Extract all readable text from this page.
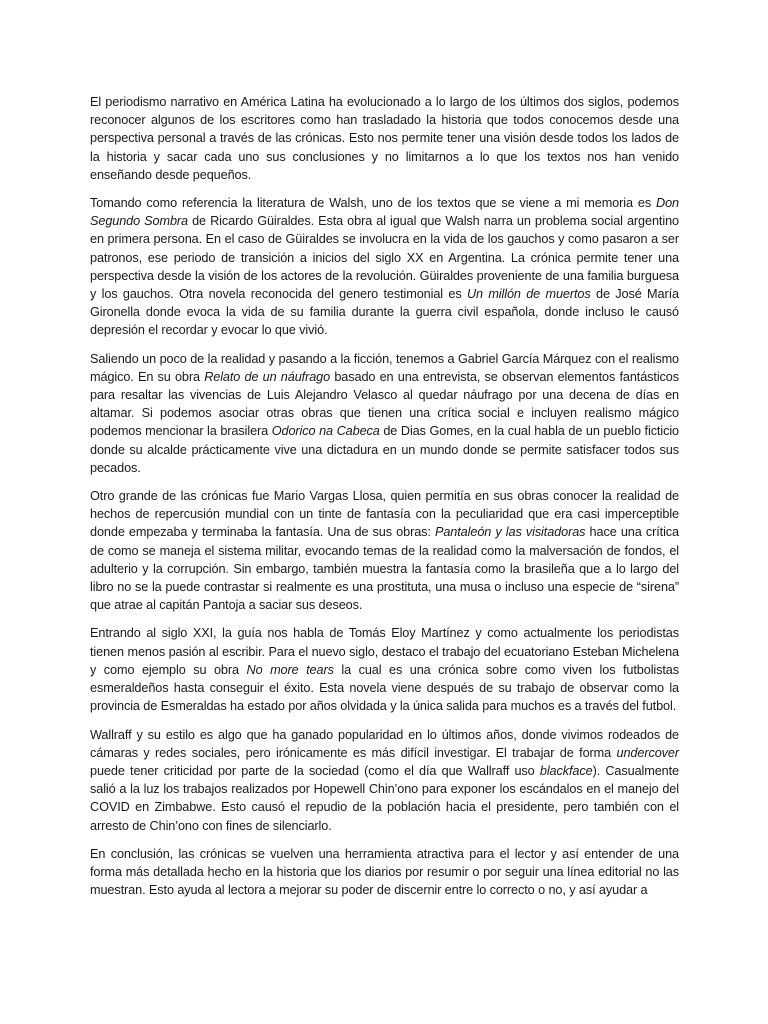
El periodismo narrativo en América Latina ha evolucionado a lo largo de los últimos dos siglos, podemos reconocer algunos de los escritores como han trasladado la historia que todos conocemos desde una perspectiva personal a través de las crónicas. Esto nos permite tener una visión desde todos los lados de la historia y sacar cada uno sus conclusiones y no limitarnos a lo que los textos nos han venido enseñando desde pequeños.

Tomando como referencia la literatura de Walsh, uno de los textos que se viene a mi memoria es Don Segundo Sombra de Ricardo Güiraldes. Esta obra al igual que Walsh narra un problema social argentino en primera persona. En el caso de Güiraldes se involucra en la vida de los gauchos y como pasaron a ser patronos, ese periodo de transición a inicios del siglo XX en Argentina. La crónica permite tener una perspectiva desde la visión de los actores de la revolución. Güiraldes proveniente de una familia burguesa y los gauchos. Otra novela reconocida del genero testimonial es Un millón de muertos de José María Gironella donde evoca la vida de su familia durante la guerra civil española, donde incluso le causó depresión el recordar y evocar lo que vivió.

Saliendo un poco de la realidad y pasando a la ficción, tenemos a Gabriel García Márquez con el realismo mágico. En su obra Relato de un náufrago basado en una entrevista, se observan elementos fantásticos para resaltar las vivencias de Luis Alejandro Velasco al quedar náufrago por una decena de días en altamar. Si podemos asociar otras obras que tienen una crítica social e incluyen realismo mágico podemos mencionar la brasilera Odorico na Cabeca de Dias Gomes, en la cual habla de un pueblo ficticio donde su alcalde prácticamente vive una dictadura en un mundo donde se permite satisfacer todos sus pecados.

Otro grande de las crónicas fue Mario Vargas Llosa, quien permitía en sus obras conocer la realidad de hechos de repercusión mundial con un tinte de fantasía con la peculiaridad que era casi imperceptible donde empezaba y terminaba la fantasía. Una de sus obras: Pantaleón y las visitadoras hace una crítica de como se maneja el sistema militar, evocando temas de la realidad como la malversación de fondos, el adulterio y la corrupción. Sin embargo, también muestra la fantasía como la brasileña que a lo largo del libro no se la puede contrastar si realmente es una prostituta, una musa o incluso una especie de “sirena” que atrae al capitán Pantoja a saciar sus deseos.

Entrando al siglo XXI, la guía nos habla de Tomás Eloy Martínez y como actualmente los periodistas tienen menos pasión al escribir. Para el nuevo siglo, destaco el trabajo del ecuatoriano Esteban Michelena y como ejemplo su obra No more tears la cual es una crónica sobre como viven los futbolistas esmeraldeños hasta conseguir el éxito. Esta novela viene después de su trabajo de observar como la provincia de Esmeraldas ha estado por años olvidada y la única salida para muchos es a través del futbol.

Wallraff y su estilo es algo que ha ganado popularidad en lo últimos años, donde vivimos rodeados de cámaras y redes sociales, pero irónicamente es más difícil investigar. El trabajar de forma undercover puede tener criticidad por parte de la sociedad (como el día que Wallraff uso blackface). Casualmente salió a la luz los trabajos realizados por Hopewell Chin’ono para exponer los escándalos en el manejo del COVID en Zimbabwe. Esto causó el repudio de la población hacia el presidente, pero también con el arresto de Chin’ono con fines de silenciarlo.

En conclusión, las crónicas se vuelven una herramienta atractiva para el lector y así entender de una forma más detallada hecho en la historia que los diarios por resumir o por seguir una línea editorial no las muestran. Esto ayuda al lectora a mejorar su poder de discernir entre lo correcto o no, y así ayudar a
